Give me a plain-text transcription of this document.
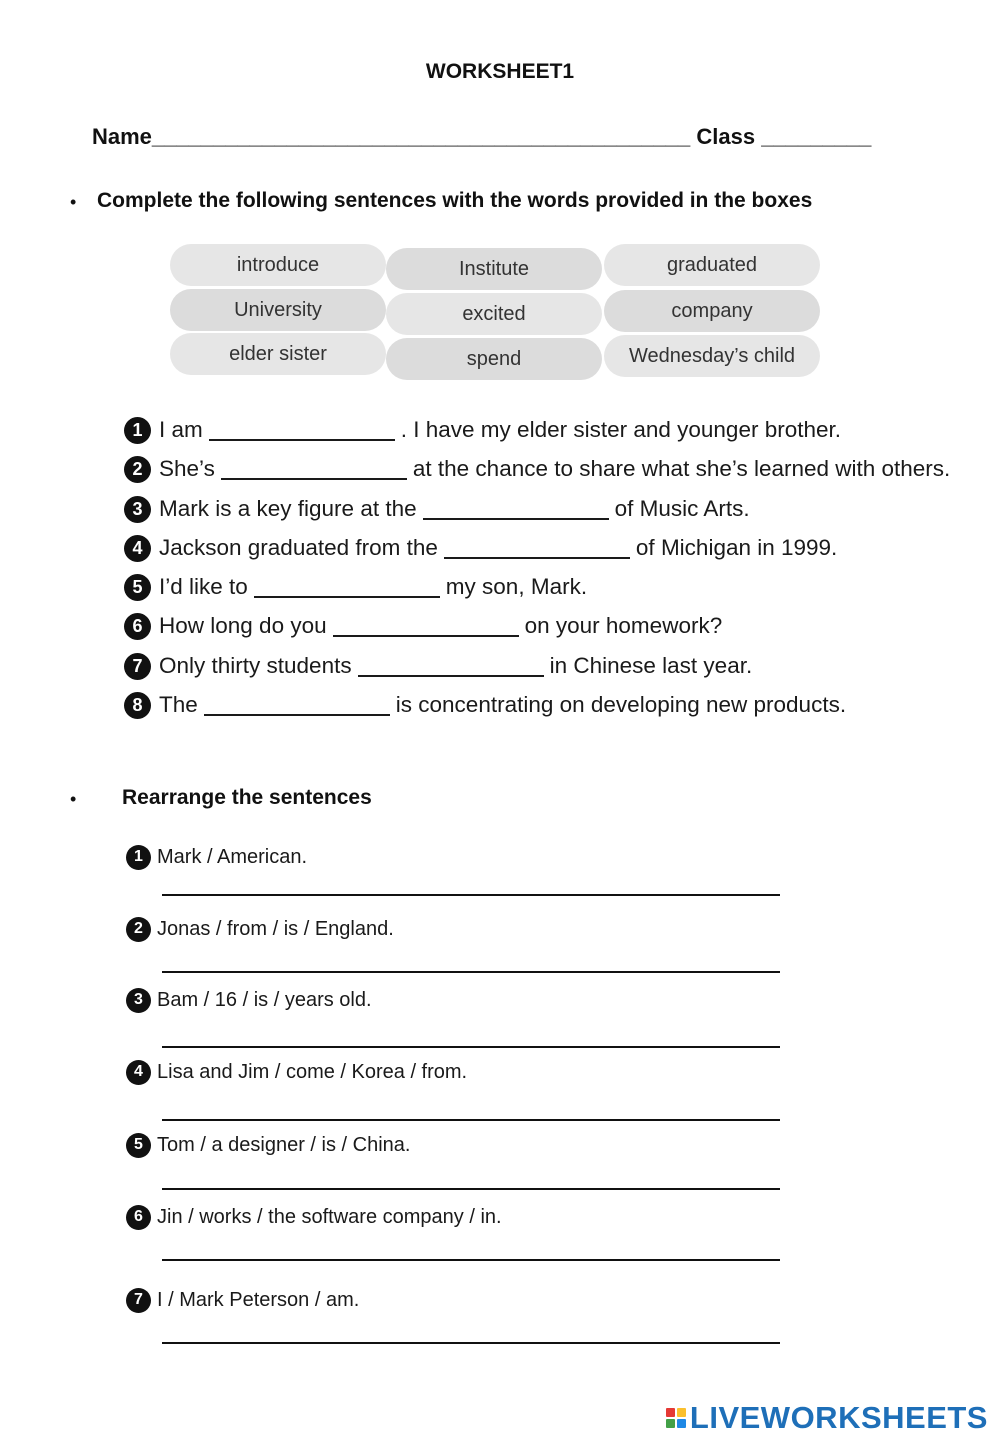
WORKSHEET1
Name____________________________________________ Class _________
• Complete the following sentences with the words provided in the boxes
introduce	Institute	graduated
University	excited	company
elder sister	spend	Wednesday’s child
1 I am	. I have my elder sister and younger brother.
2 She’s	at the chance to share what she’s learned with others.
3 Mark is a key figure at the	of Music Arts.
4 Jackson graduated from the	of Michigan in 1999.
5 I’d like to	my son, Mark.
6 How long do you	on your homework?
7 Only thirty students	in Chinese last year.
8 The	is concentrating on developing new products.
• Rearrange the sentences
1 Mark / American.
2 Jonas / from / is / England.
3 Bam / 16 / is / years old.
4 Lisa and Jim / come / Korea / from.
5 Tom / a designer / is / China.
6 Jin / works / the software company / in.
7 I / Mark Peterson / am.
LIVEWORKSHEETS
